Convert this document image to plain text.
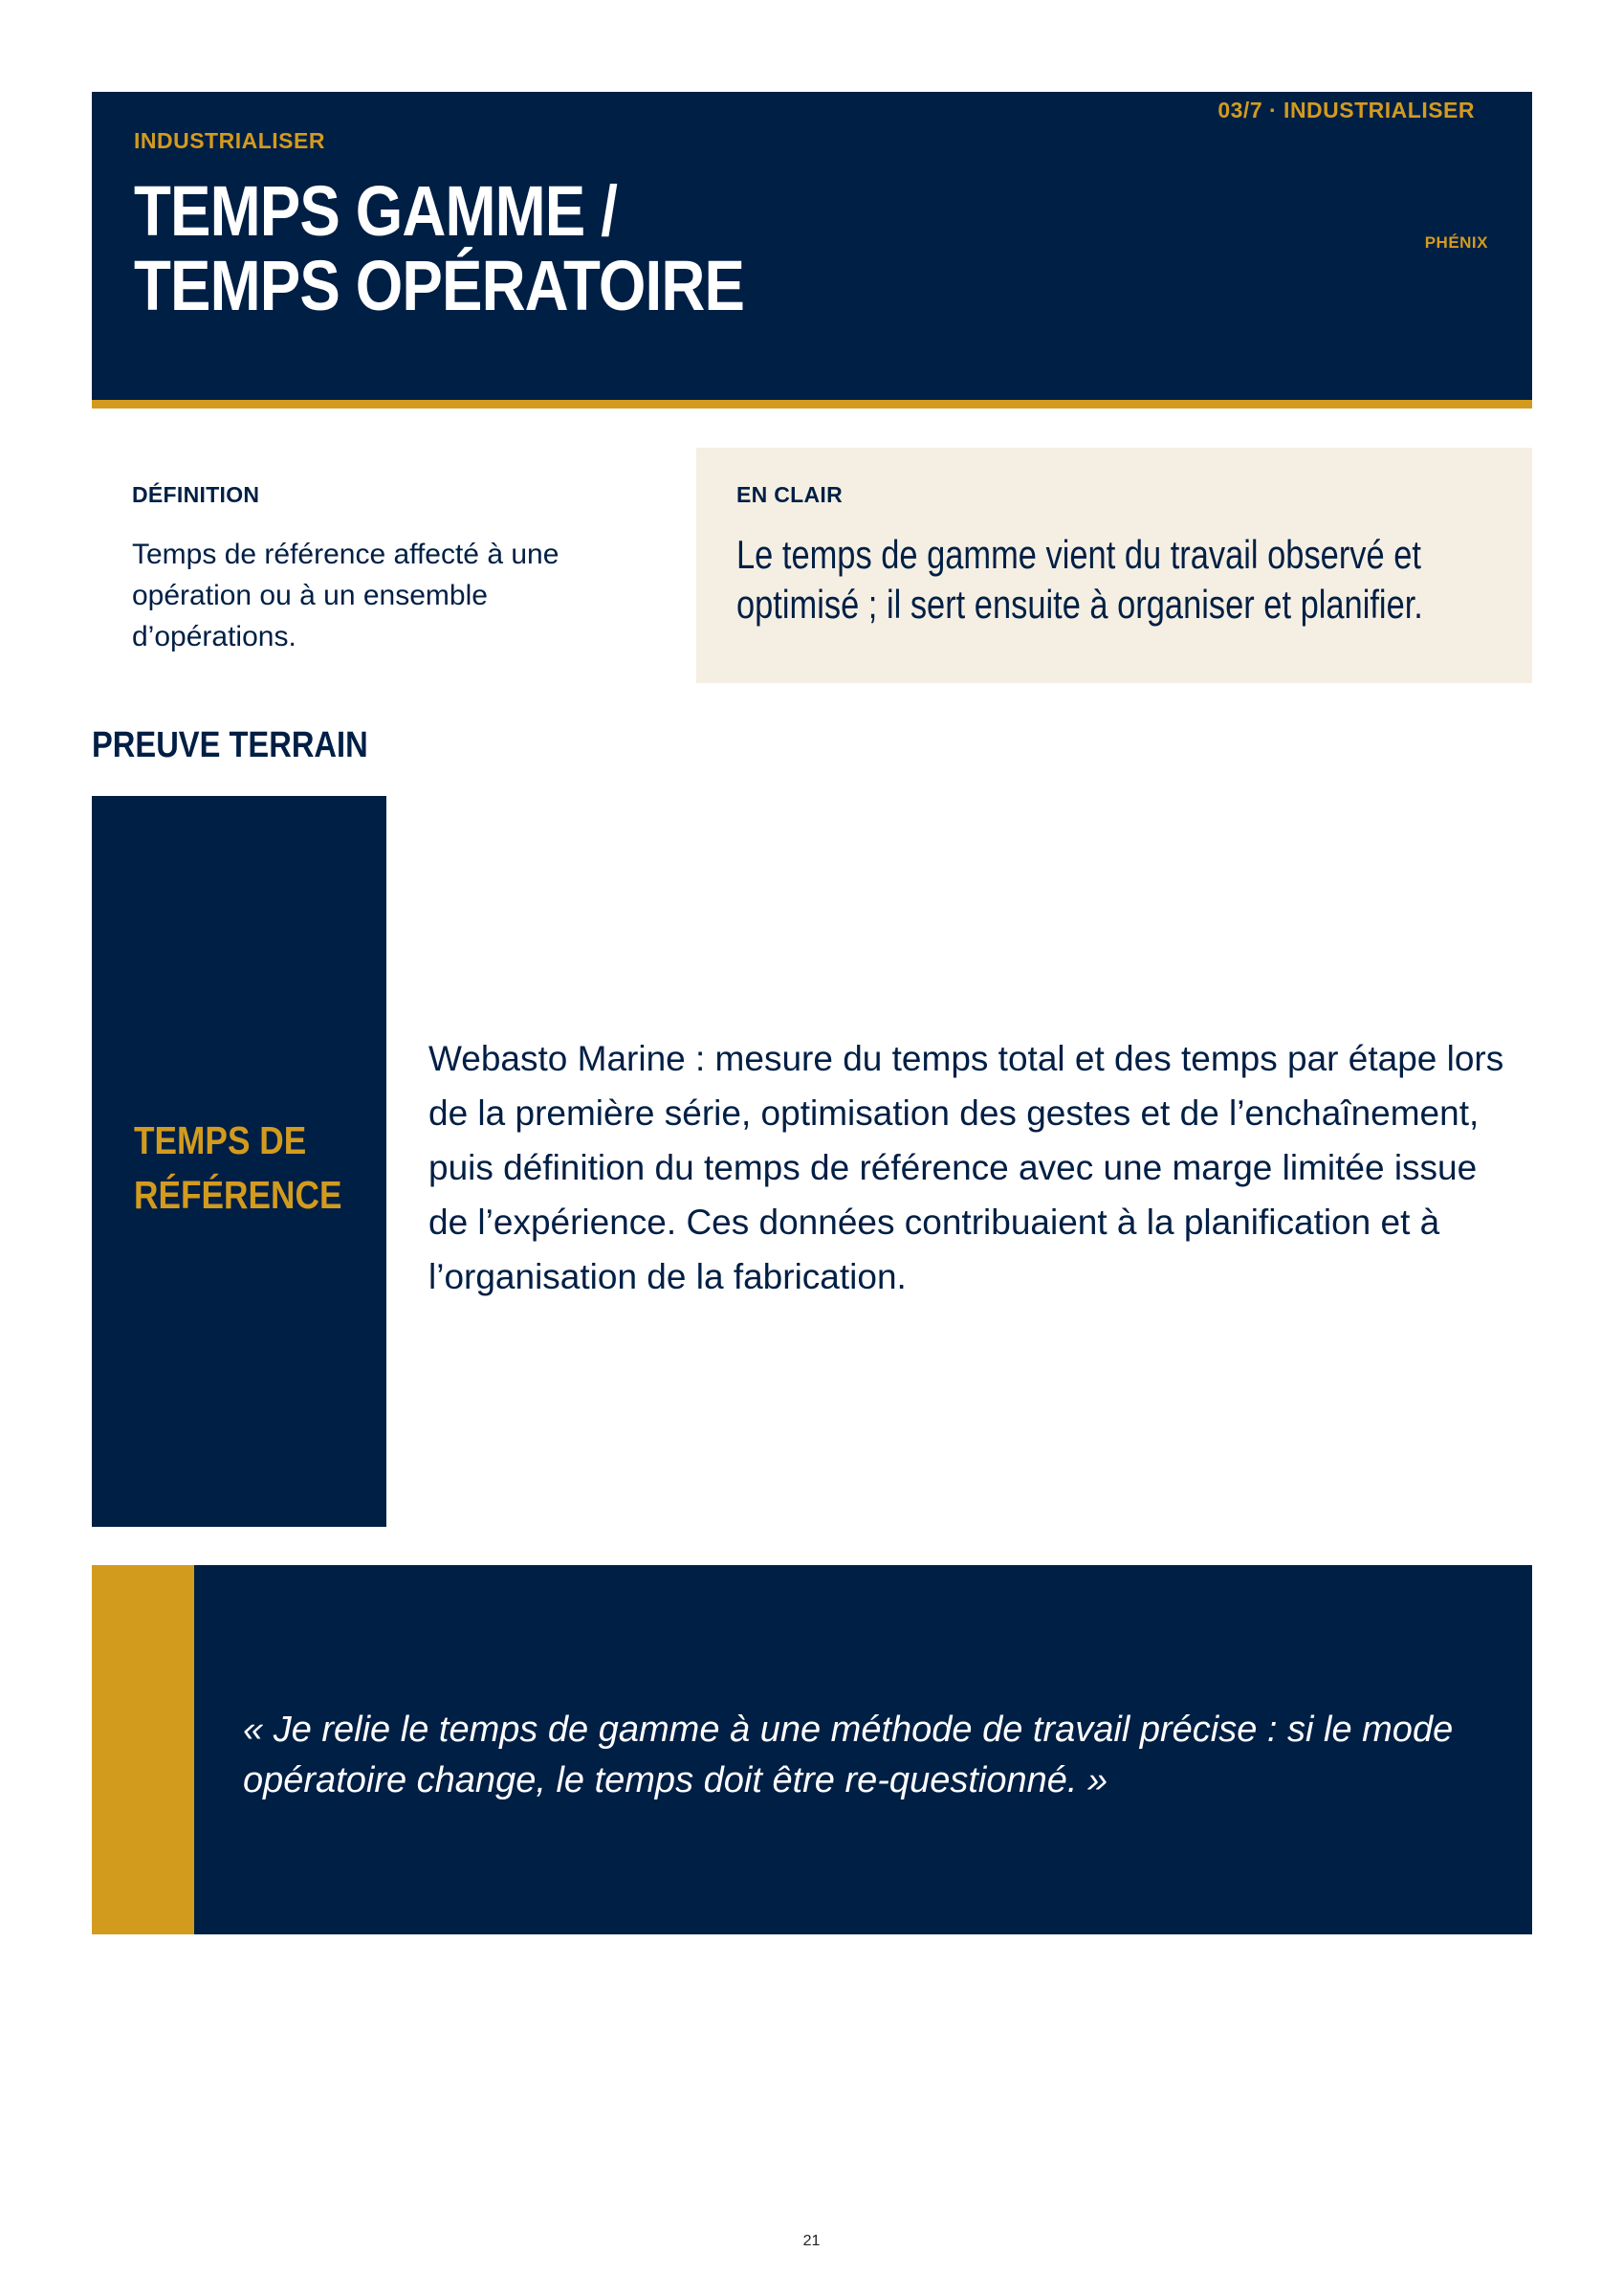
INDUSTRIALISER
03/7 · INDUSTRIALISER
PHÉNIX
TEMPS GAMME /
TEMPS OPÉRATOIRE
DÉFINITION
Temps de référence affecté à une opération ou à un ensemble d’opérations.
EN CLAIR
Le temps de gamme vient du travail observé et optimisé ; il sert ensuite à organiser et planifier.
PREUVE TERRAIN
TEMPS DE
RÉFÉRENCE
Webasto Marine : mesure du temps total et des temps par étape lors de la première série, optimisation des gestes et de l’enchaînement, puis définition du temps de référence avec une marge limitée issue de l’expérience. Ces données contribuaient à la planification et à l’organisation de la fabrication.
« Je relie le temps de gamme à une méthode de travail précise : si le mode opératoire change, le temps doit être re-questionné. »
21
